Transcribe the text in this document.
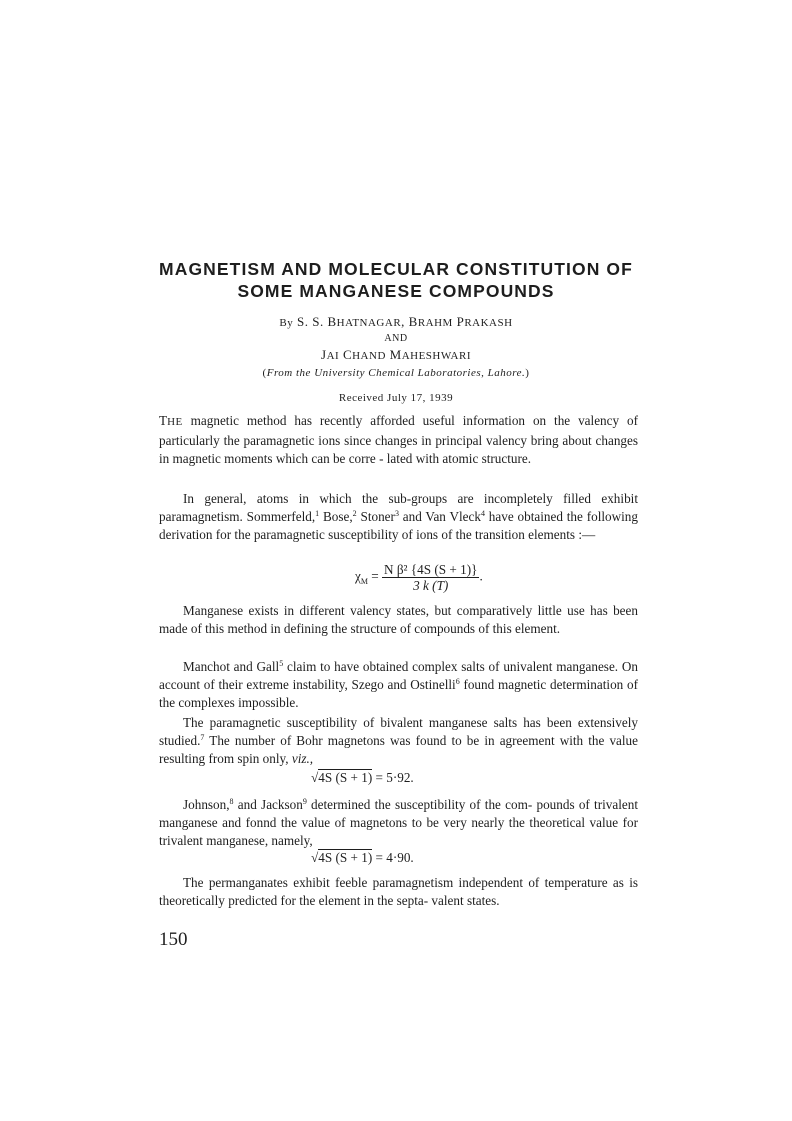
MAGNETISM AND MOLECULAR CONSTITUTION OF
SOME MANGANESE COMPOUNDS
By S. S. BHATNAGAR, BRAHM PRAKASH
AND
JAI CHAND MAHESHWARI
(From the University Chemical Laboratories, Lahore.)
Received July 17, 1939

THE magnetic method has recently afforded useful information on the valency of particularly the paramagnetic ions since changes in principal valency bring about changes in magnetic moments which can be corre - lated with atomic structure.

In general, atoms in which the sub-groups are incompletely filled exhibit paramagnetism. Sommerfeld,$^1$ Bose,$^2$ Stoner$^3$ and Van Vleck$^4$ have obtained the following derivation for the paramagnetic susceptibility of ions of the transition elements :—

$\chi_M = \frac{\text{N β² \{4S (S + 1)\}}}{3 k (T)}$ .

Manganese exists in different valency states, but comparatively little use has been made of this method in defining the structure of compounds of this element.

Manchot and Gall$^5$ claim to have obtained complex salts of univalent manganese. On account of their extreme instability, Szego and Ostinelli$^6$ found magnetic determination of the complexes impossible.

The paramagnetic susceptibility of bivalent manganese salts has been extensively studied.$^7$ The number of Bohr magnetons was found to be in agreement with the value resulting from spin only, viz.,

√4S (S + 1) = 5·92.

Johnson,$^8$ and Jackson$^9$ determined the susceptibility of the com- pounds of trivalent manganese and fonnd the value of magnetons to be very nearly the theoretical value for trivalent manganese, namely,

√4S (S + 1) = 4·90.

The permanganates exhibit feeble paramagnetism independent of temperature as is theoretically predicted for the element in the septa- valent states.

150
